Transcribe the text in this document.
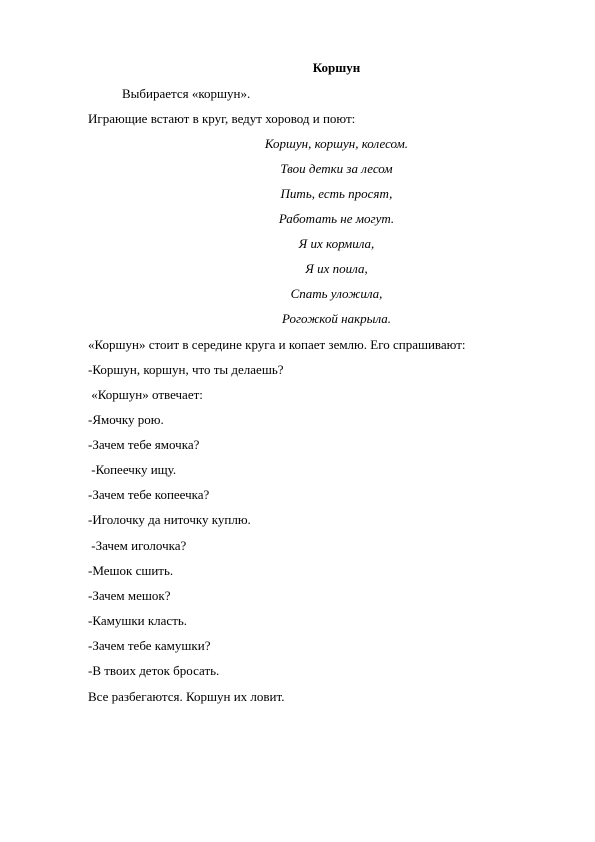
Коршун
Выбирается «коршун».
Играющие встают в круг, ведут хоровод и поют:
Коршун, коршун, колесом.
Твои детки за лесом
Пить, есть просят,
Работать не могут.
Я их кормила,
Я их поила,
Спать уложила,
Рогожкой накрыла.
«Коршун» стоит в середине круга и копает землю. Его спрашивают:
-Коршун, коршун, что ты делаешь?
«Коршун» отвечает:
-Ямочку рою.
-Зачем тебе ямочка?
-Копеечку ищу.
-Зачем тебе копеечка?
-Иголочку да ниточку куплю.
-Зачем иголочка?
-Мешок сшить.
-Зачем мешок?
-Камушки класть.
-Зачем тебе камушки?
-В твоих деток бросать.
Все разбегаются. Коршун их ловит.
